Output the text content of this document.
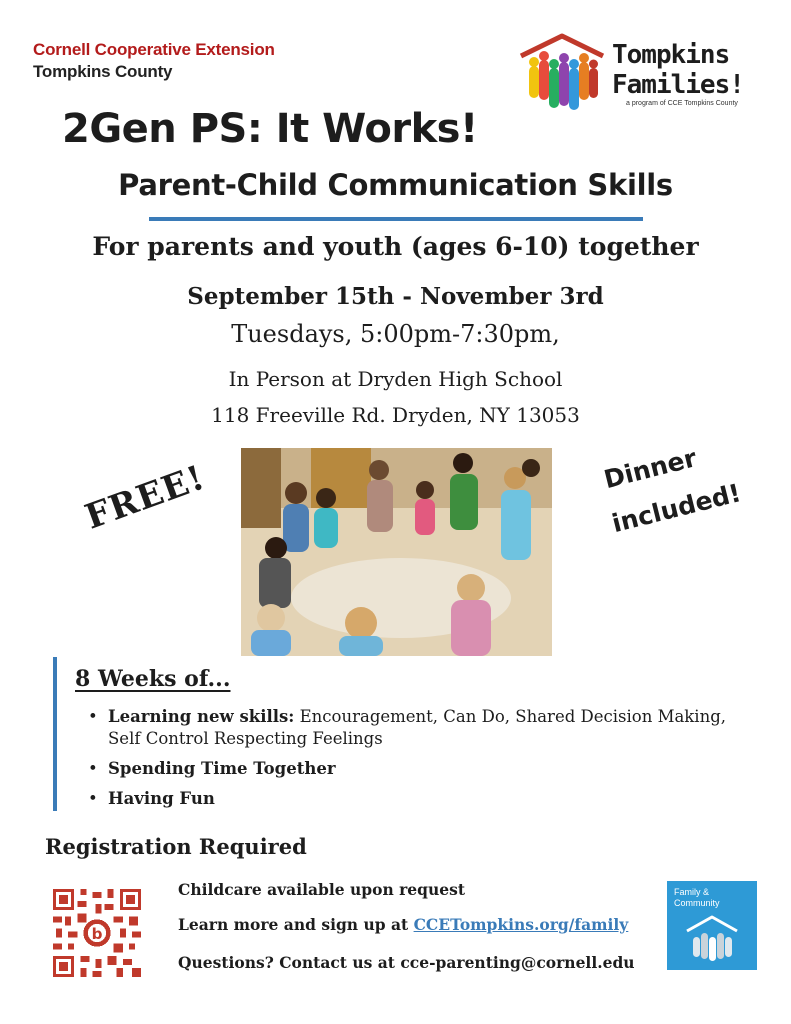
Cornell Cooperative Extension
Tompkins County
Tompkins
Families!
a program of CCE Tompkins County
2Gen PS: It Works!
Parent-Child Communication Skills
For parents and youth (ages 6-10) together
September 15th - November 3rd
Tuesdays, 5:00pm-7:30pm,
In Person at Dryden High School
118 Freeville Rd. Dryden, NY 13053
FREE!	Dinner
included!
8 Weeks of...
• Learning new skills: Encouragement, Can Do, Shared Decision Making, Self Control Respecting Feelings
• Spending Time Together
• Having Fun
Registration Required
b
Childcare available upon request
Learn more and sign up at CCETompkins.org/family
Questions? Contact us at cce-parenting@cornell.edu
Family &
Community
